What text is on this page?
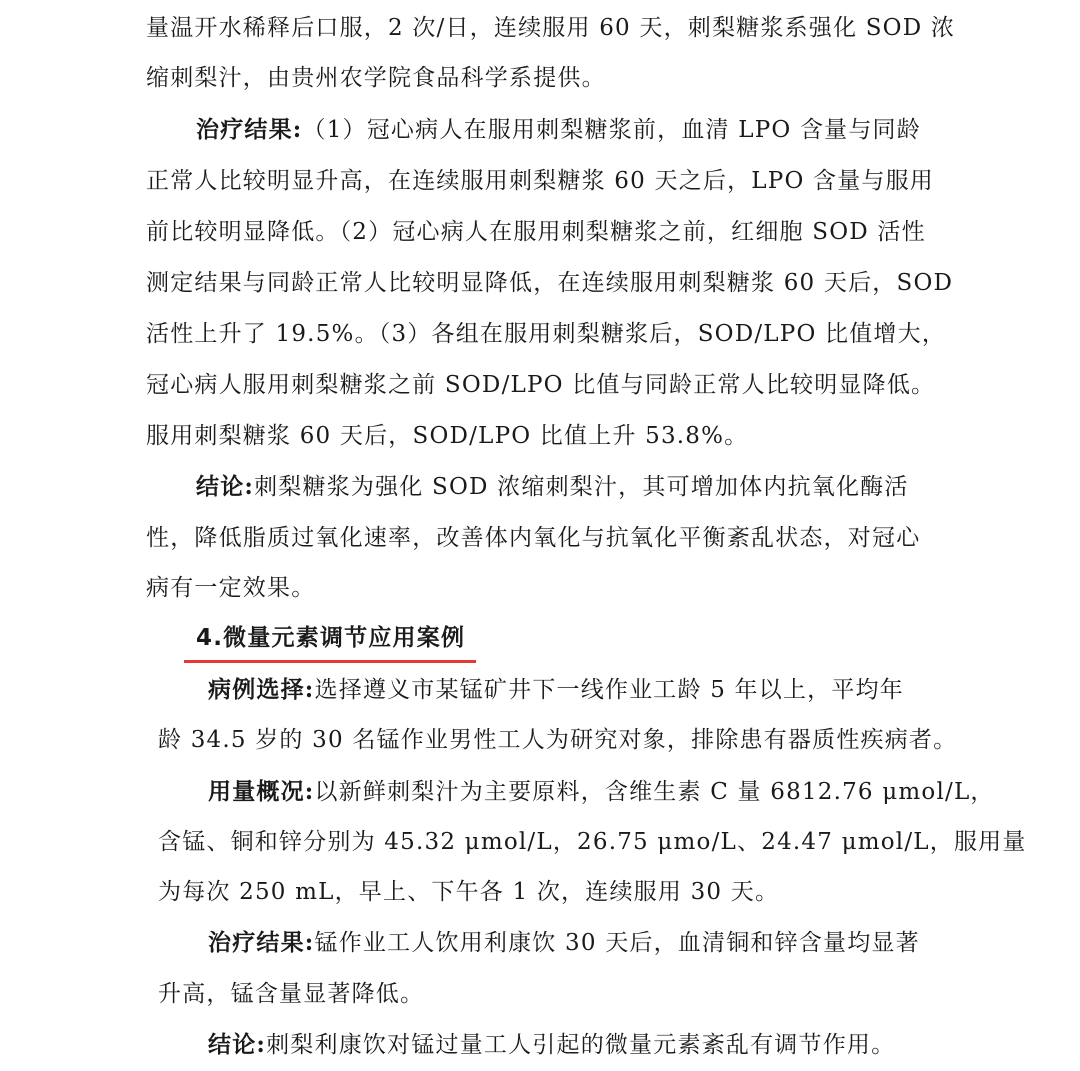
量温开水稀释后口服，2 次/日，连续服用 60 天，刺梨糖浆系强化 SOD 浓
缩刺梨汁，由贵州农学院食品科学系提供。
治疗结果:（1）冠心病人在服用刺梨糖浆前，血清 LPO 含量与同龄
正常人比较明显升高，在连续服用刺梨糖浆 60 天之后，LPO 含量与服用
前比较明显降低。（2）冠心病人在服用刺梨糖浆之前，红细胞 SOD 活性
测定结果与同龄正常人比较明显降低，在连续服用刺梨糖浆 60 天后，SOD
活性上升了 19.5%。（3）各组在服用刺梨糖浆后，SOD/LPO 比值增大，
冠心病人服用刺梨糖浆之前 SOD/LPO 比值与同龄正常人比较明显降低。
服用刺梨糖浆 60 天后，SOD/LPO 比值上升 53.8%。
结论:刺梨糖浆为强化 SOD 浓缩刺梨汁，其可增加体内抗氧化酶活
性，降低脂质过氧化速率，改善体内氧化与抗氧化平衡紊乱状态，对冠心
病有一定效果。
4.微量元素调节应用案例
病例选择:选择遵义市某锰矿井下一线作业工龄 5 年以上，平均年
龄 34.5 岁的 30 名锰作业男性工人为研究对象，排除患有器质性疾病者。
用量概况:以新鲜刺梨汁为主要原料，含维生素 C 量 6812.76 μmol/L，
含锰、铜和锌分别为 45.32 μmol/L，26.75 μmo/L、24.47 μmol/L，服用量
为每次 250 mL，早上、下午各 1 次，连续服用 30 天。
治疗结果:锰作业工人饮用利康饮 30 天后，血清铜和锌含量均显著
升高，锰含量显著降低。
结论:刺梨利康饮对锰过量工人引起的微量元素紊乱有调节作用。
